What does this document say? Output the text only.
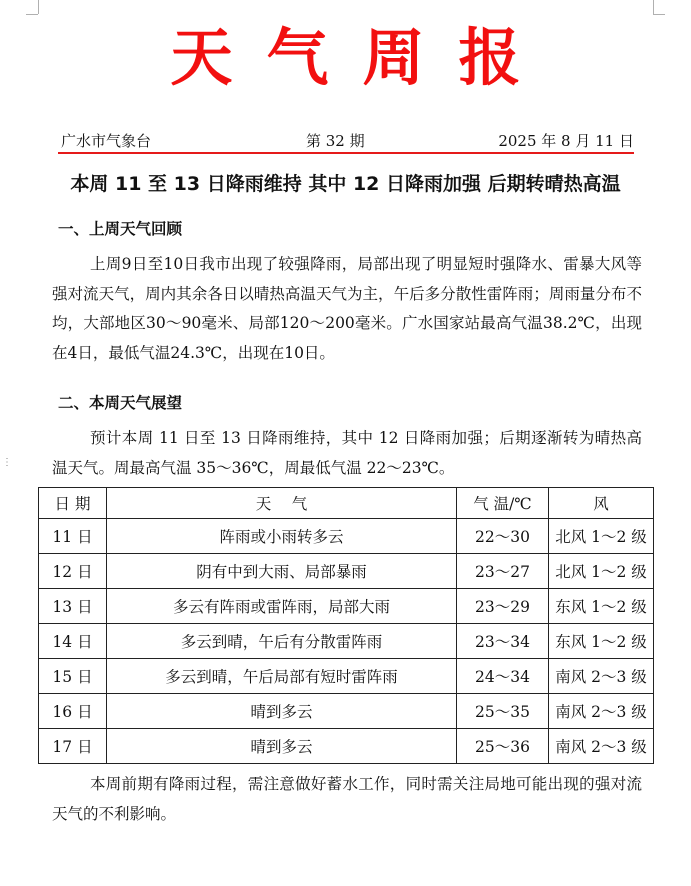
⋮
天气周报
广水市气象台	第 32 期	2025 年 8 月 11 日
本周 11 至 13 日降雨维持 其中 12 日降雨加强 后期转晴热高温
一、上周天气回顾
上周9日至10日我市出现了较强降雨，局部出现了明显短时强降水、雷暴大风等强对流天气，周内其余各日以晴热高温天气为主，午后多分散性雷阵雨；周雨量分布不均，大部地区30～90毫米、局部120～200毫米。广水国家站最高气温38.2℃，出现在4日，最低气温24.3℃，出现在10日。
二、本周天气展望
预计本周 11 日至 13 日降雨维持，其中 12 日降雨加强；后期逐渐转为晴热高温天气。周最高气温 35～36℃，周最低气温 22～23℃。
日 期	天　 气	气 温/℃	风
11 日	阵雨或小雨转多云	22～30	北风 1～2 级
12 日	阴有中到大雨、局部暴雨	23～27	北风 1～2 级
13 日	多云有阵雨或雷阵雨，局部大雨	23～29	东风 1～2 级
14 日	多云到晴，午后有分散雷阵雨	23～34	东风 1～2 级
15 日	多云到晴，午后局部有短时雷阵雨	24～34	南风 2～3 级
16 日	晴到多云	25～35	南风 2～3 级
17 日	晴到多云	25～36	南风 2～3 级
本周前期有降雨过程，需注意做好蓄水工作，同时需关注局地可能出现的强对流天气的不利影响。
